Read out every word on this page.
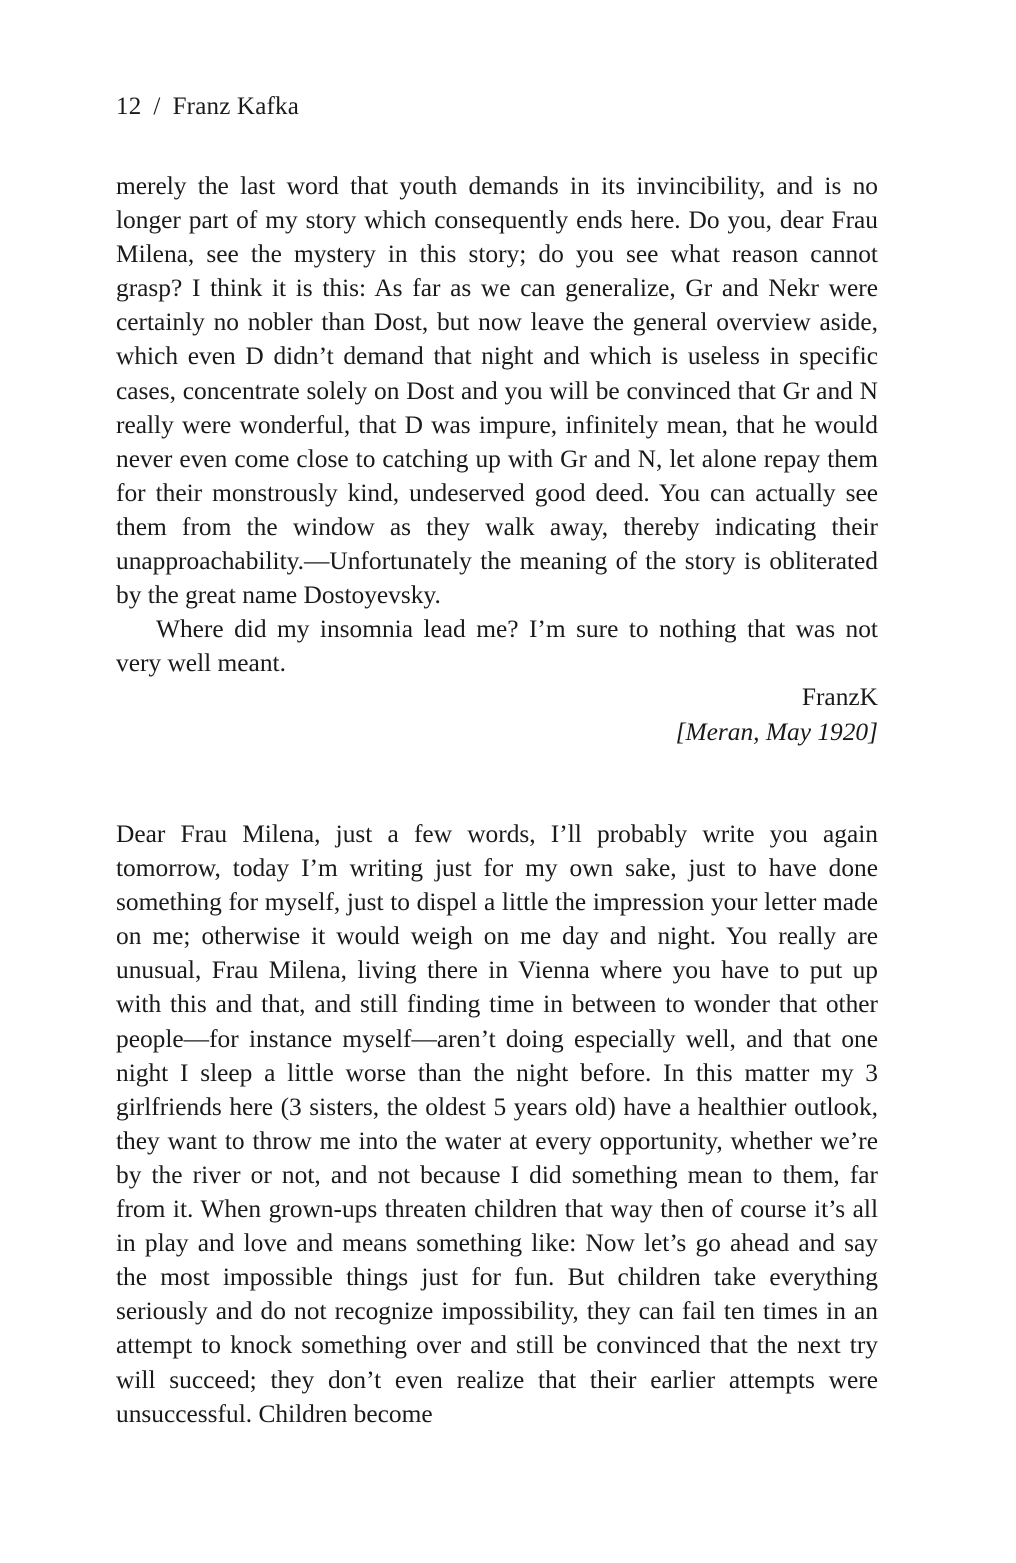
12 / Franz Kafka

merely the last word that youth demands in its invincibility, and is no longer part of my story which consequently ends here. Do you, dear Frau Milena, see the mystery in this story; do you see what reason cannot grasp? I think it is this: As far as we can generalize, Gr and Nekr were certainly no nobler than Dost, but now leave the general overview aside, which even D didn’t demand that night and which is useless in specific cases, concentrate solely on Dost and you will be convinced that Gr and N really were wonderful, that D was impure, infinitely mean, that he would never even come close to catching up with Gr and N, let alone repay them for their monstrously kind, undeserved good deed. You can actually see them from the window as they walk away, thereby indicating their unapproachability.—Unfortunately the meaning of the story is obliterated by the great name Dostoyevsky.

Where did my insomnia lead me? I’m sure to nothing that was not very well meant.

FranzK

[Meran, May 1920]

Dear Frau Milena, just a few words, I’ll probably write you again tomorrow, today I’m writing just for my own sake, just to have done something for myself, just to dispel a little the impression your letter made on me; otherwise it would weigh on me day and night. You really are unusual, Frau Milena, living there in Vienna where you have to put up with this and that, and still finding time in between to wonder that other people—for instance myself—aren’t doing especially well, and that one night I sleep a little worse than the night before. In this matter my 3 girlfriends here (3 sisters, the oldest 5 years old) have a healthier outlook, they want to throw me into the water at every opportunity, whether we’re by the river or not, and not because I did something mean to them, far from it. When grown-ups threaten children that way then of course it’s all in play and love and means something like: Now let’s go ahead and say the most impossible things just for fun. But children take everything seriously and do not recognize impossibility, they can fail ten times in an attempt to knock something over and still be convinced that the next try will succeed; they don’t even realize that their earlier attempts were unsuccessful. Children become
